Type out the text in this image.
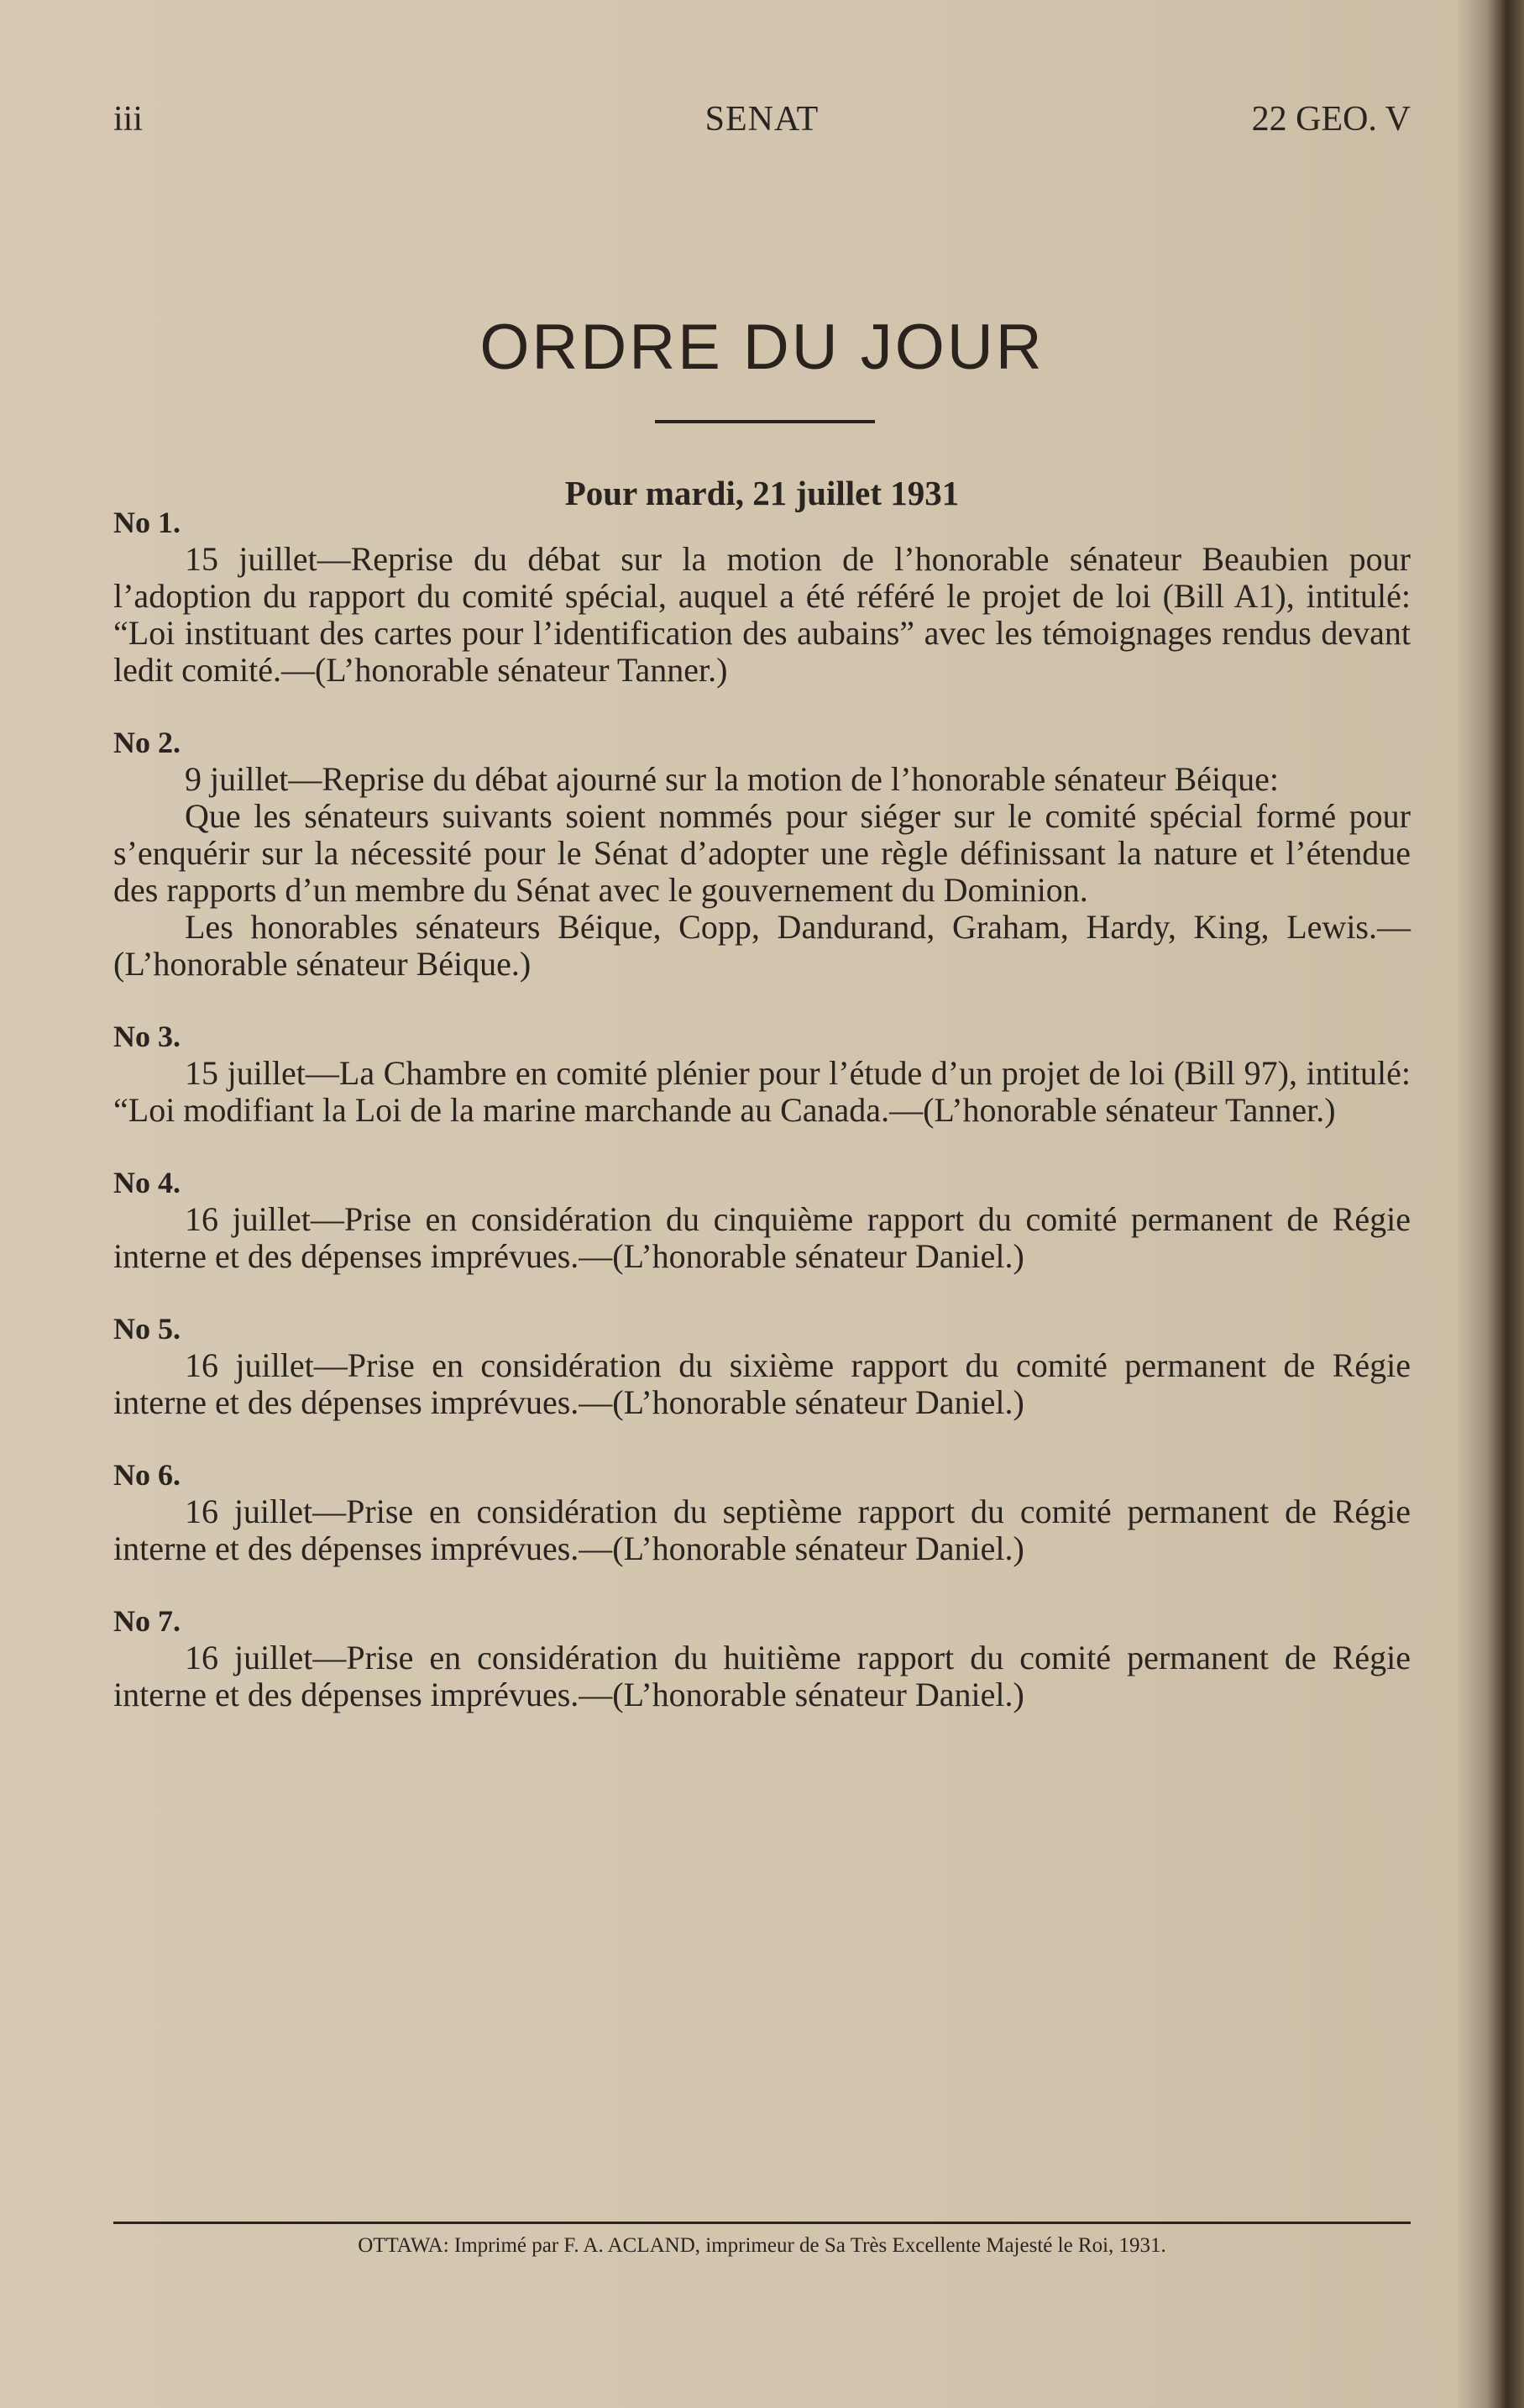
iii	SENAT	22 GEO. V
ORDRE DU JOUR
Pour mardi, 21 juillet 1931
No 1.

15 juillet—Reprise du débat sur la motion de l’honorable sénateur Beaubien pour l’adoption du rapport du comité spécial, auquel a été référé le projet de loi (Bill A1), intitulé: “Loi instituant des cartes pour l’identification des aubains” avec les témoignages rendus devant ledit comité.—(L’honorable sénateur Tanner.)

No 2.

9 juillet—Reprise du débat ajourné sur la motion de l’honorable sénateur Béique:

Que les sénateurs suivants soient nommés pour siéger sur le comité spécial formé pour s’enquérir sur la nécessité pour le Sénat d’adopter une règle définissant la nature et l’étendue des rapports d’un membre du Sénat avec le gouvernement du Dominion.

Les honorables sénateurs Béique, Copp, Dandurand, Graham, Hardy, King, Lewis.—(L’honorable sénateur Béique.)

No 3.

15 juillet—La Chambre en comité plénier pour l’étude d’un projet de loi (Bill 97), intitulé: “Loi modifiant la Loi de la marine marchande au Canada.—(L’honorable sénateur Tanner.)

No 4.

16 juillet—Prise en considération du cinquième rapport du comité permanent de Régie interne et des dépenses imprévues.—(L’honorable sénateur Daniel.)

No 5.

16 juillet—Prise en considération du sixième rapport du comité permanent de Régie interne et des dépenses imprévues.—(L’honorable sénateur Daniel.)

No 6.

16 juillet—Prise en considération du septième rapport du comité permanent de Régie interne et des dépenses imprévues.—(L’honorable sénateur Daniel.)

No 7.

16 juillet—Prise en considération du huitième rapport du comité permanent de Régie interne et des dépenses imprévues.—(L’honorable sénateur Daniel.)

OTTAWA: Imprimé par F. A. ACLAND, imprimeur de Sa Très Excellente Majesté le Roi, 1931.
